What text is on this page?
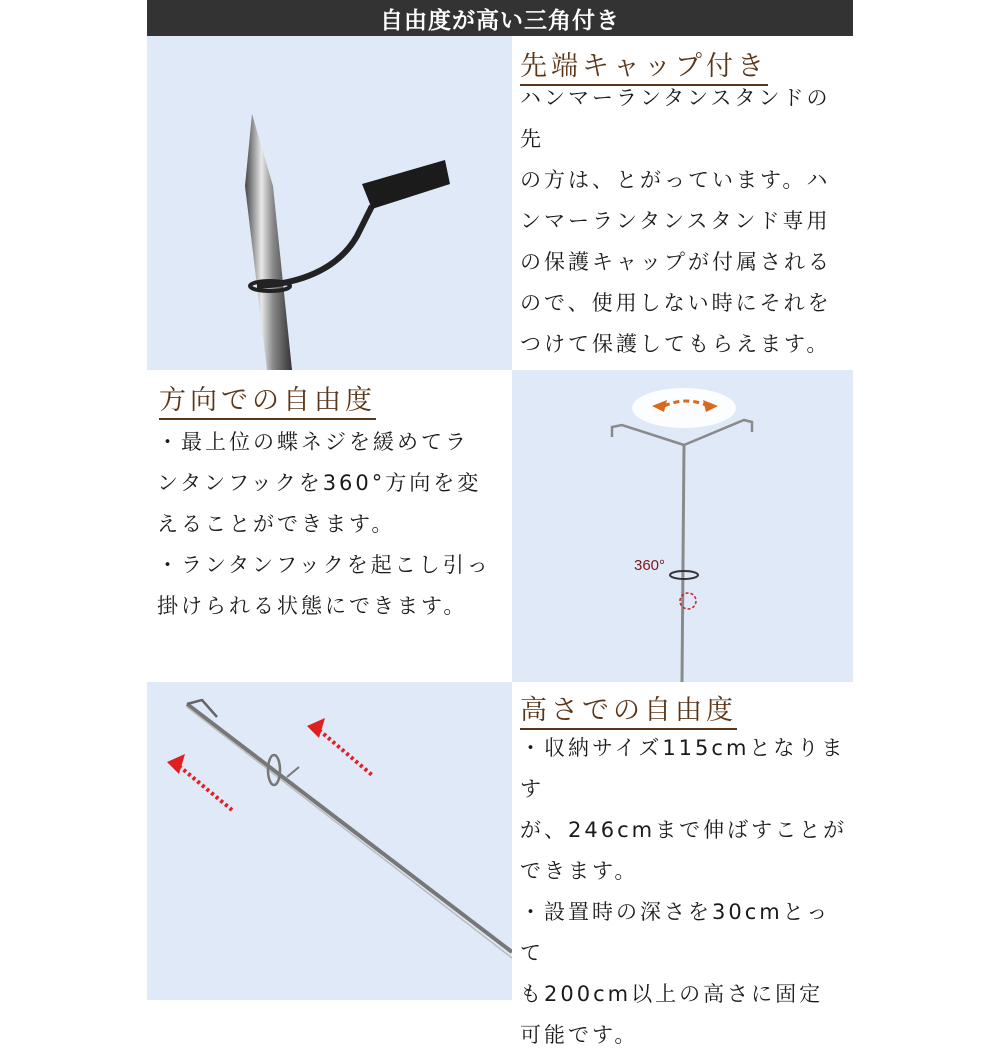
自由度が高い三角付き
先端キャップ付き

ハンマーランタンスタンドの先

の方は、とがっています。ハ

ンマーランタンスタンド専用

の保護キャップが付属される

ので、使用しない時にそれを

つけて保護してもらえます。

方向での自由度

・最上位の蝶ネジを緩めてラ

ンタンフックを360°方向を変

えることができます。

・ランタンフックを起こし引っ

掛けられる状態にできます。

360°
高さでの自由度

・収納サイズ115cmとなります

が、246cmまで伸ばすことが

できます。

・設置時の深さを30cmとって

も200cm以上の高さに固定

可能です。
